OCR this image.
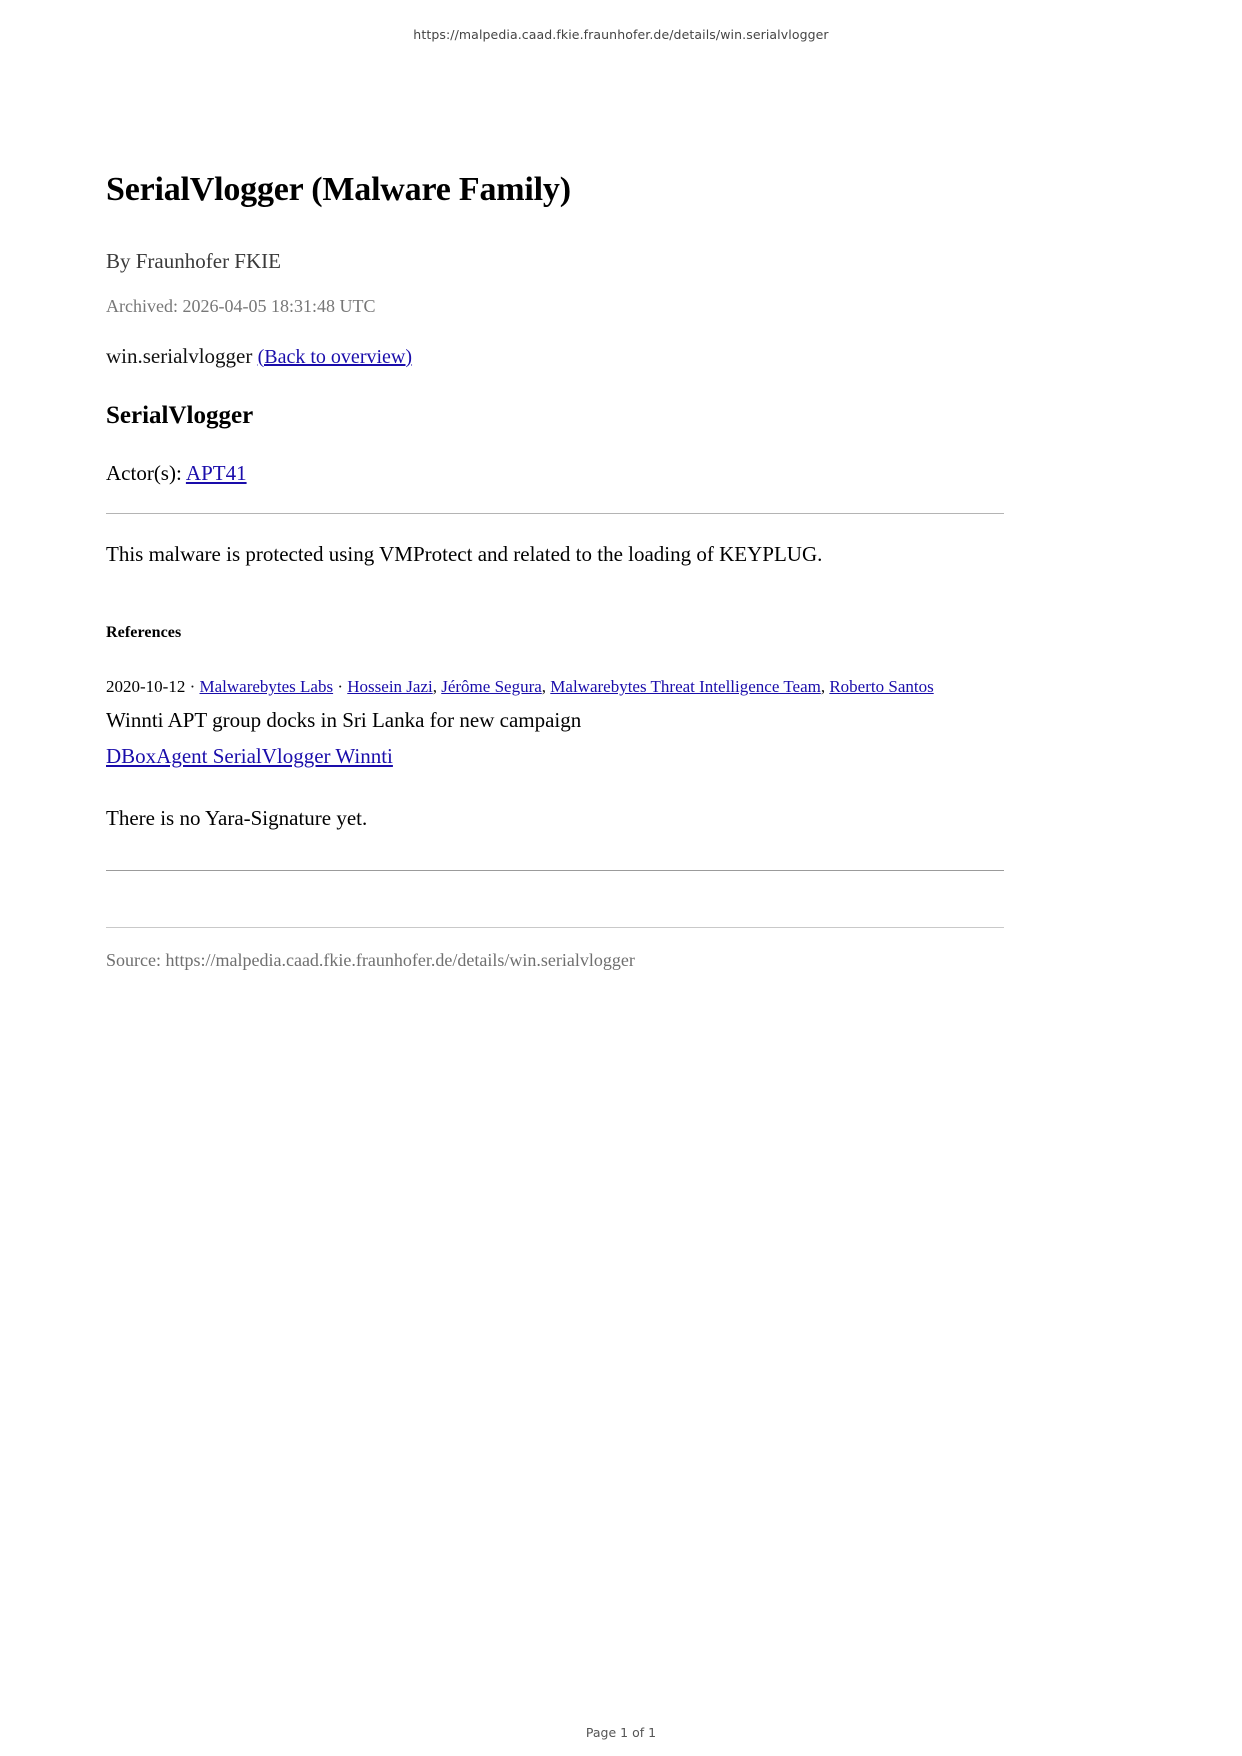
https://malpedia.caad.fkie.fraunhofer.de/details/win.serialvlogger
SerialVlogger (Malware Family)
By Fraunhofer FKIE
Archived: 2026-04-05 18:31:48 UTC
win.serialvlogger (Back to overview)
SerialVlogger
Actor(s): APT41
This malware is protected using VMProtect and related to the loading of KEYPLUG.
References
2020-10-12 · Malwarebytes Labs · Hossein Jazi, Jérôme Segura, Malwarebytes Threat Intelligence Team, Roberto Santos
Winnti APT group docks in Sri Lanka for new campaign
DBoxAgent SerialVlogger Winnti
There is no Yara-Signature yet.
Source: https://malpedia.caad.fkie.fraunhofer.de/details/win.serialvlogger
Page 1 of 1
